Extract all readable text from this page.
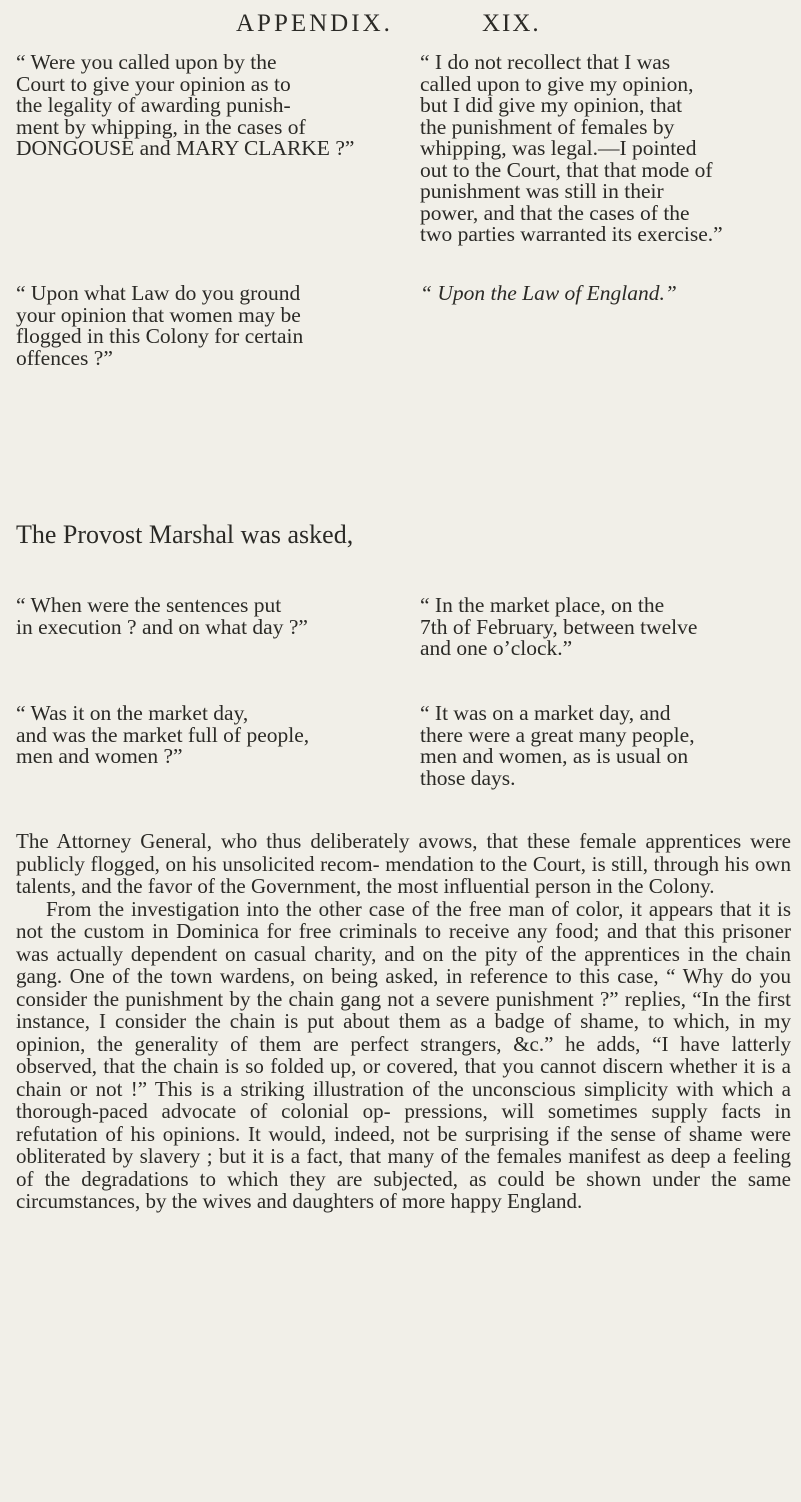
APPENDIX.	XIX.
“ Were you called upon by the
Court to give your opinion as to
the legality of awarding punish-
ment by whipping, in the cases of
DONGOUSE and MARY CLARKE ?”
“ I do not recollect that I was
called upon to give my opinion,
but I did give my opinion, that
the punishment of females by
whipping, was legal.—I pointed
out to the Court, that that mode of
punishment was still in their
power, and that the cases of the
two parties warranted its exercise.”
“ Upon what Law do you ground
your opinion that women may be
flogged in this Colony for certain
offences ?”
“ Upon the Law of England.”
The Provost Marshal was asked,
“ When were the sentences put
in execution ? and on what day ?”
“ In the market place, on the
7th of February, between twelve
and one o’clock.”
“ Was it on the market day,
and was the market full of people,
men and women ?”
“ It was on a market day, and
there were a great many people,
men and women, as is usual on
those days.

The Attorney General, who thus deliberately avows, that these female apprentices were publicly flogged, on his unsolicited recom- mendation to the Court, is still, through his own talents, and the favor of the Government, the most influential person in the Colony.

From the investigation into the other case of the free man of color, it appears that it is not the custom in Dominica for free criminals to receive any food; and that this prisoner was actually dependent on casual charity, and on the pity of the apprentices in the chain gang. One of the town wardens, on being asked, in reference to this case, “ Why do you consider the punishment by the chain gang not a severe punishment ?” replies, “In the first instance, I consider the chain is put about them as a badge of shame, to which, in my opinion, the generality of them are perfect strangers, &c.” he adds, “I have latterly observed, that the chain is so folded up, or covered, that you cannot discern whether it is a chain or not !” This is a striking illustration of the unconscious simplicity with which a thorough-paced advocate of colonial op- pressions, will sometimes supply facts in refutation of his opinions. It would, indeed, not be surprising if the sense of shame were obliterated by slavery ; but it is a fact, that many of the females manifest as deep a feeling of the degradations to which they are subjected, as could be shown under the same circumstances, by the wives and daughters of more happy England.
